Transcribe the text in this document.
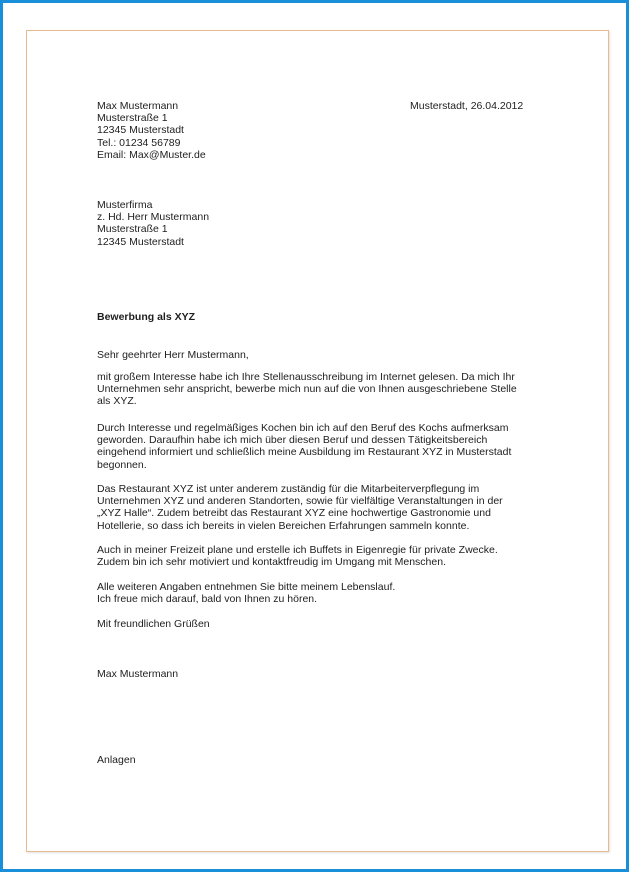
Max Mustermann
Musterstraße 1
12345 Musterstadt
Tel.: 01234 56789
Email: Max@Muster.de
Musterstadt, 26.04.2012
Musterfirma
z. Hd. Herr Mustermann
Musterstraße 1
12345 Musterstadt
Bewerbung als XYZ
Sehr geehrter Herr Mustermann,
mit großem Interesse habe ich Ihre Stellenausschreibung im Internet gelesen. Da mich Ihr
Unternehmen sehr anspricht, bewerbe mich nun auf die von Ihnen ausgeschriebene Stelle
als XYZ.
Durch Interesse und regelmäßiges Kochen bin ich auf den Beruf des Kochs aufmerksam
geworden. Daraufhin habe ich mich über diesen Beruf und dessen Tätigkeitsbereich
eingehend informiert und schließlich meine Ausbildung im Restaurant XYZ in Musterstadt
begonnen.
Das Restaurant XYZ ist unter anderem zuständig für die Mitarbeiterverpflegung im
Unternehmen XYZ und anderen Standorten, sowie für vielfältige Veranstaltungen in der
„XYZ Halle“. Zudem betreibt das Restaurant XYZ eine hochwertige Gastronomie und
Hotellerie, so dass ich bereits in vielen Bereichen Erfahrungen sammeln konnte.
Auch in meiner Freizeit plane und erstelle ich Buffets in Eigenregie für private Zwecke.
Zudem bin ich sehr motiviert und kontaktfreudig im Umgang mit Menschen.
Alle weiteren Angaben entnehmen Sie bitte meinem Lebenslauf.
Ich freue mich darauf, bald von Ihnen zu hören.
Mit freundlichen Grüßen
Max Mustermann
Anlagen
